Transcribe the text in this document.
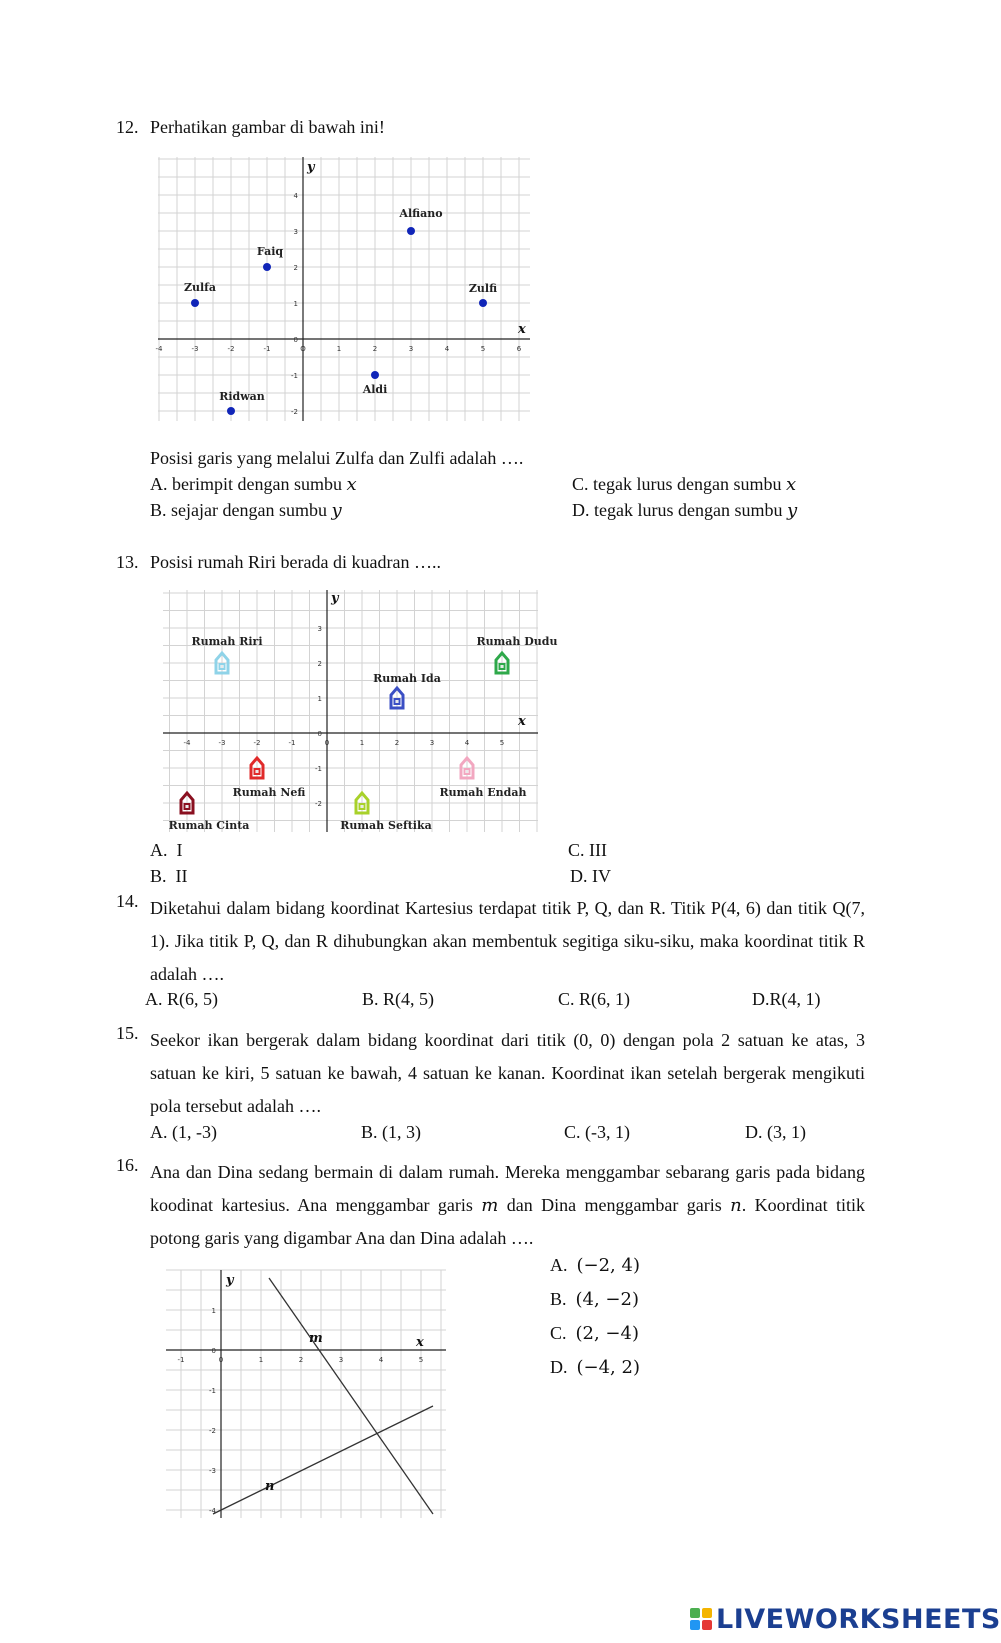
12. Perhatikan gambar di bawah ini!
-4	-3	-2	-1	O	1	2	3	4	5	6
4
3
2
1
0
-1
-2
x
y
Alfiano
Faiq
Zulfa	Zulfi
Aldi
Ridwan
Posisi garis yang melalui Zulfa dan Zulfi adalah ….
A. berimpit dengan sumbu x
B. sejajar dengan sumbu y
C. tegak lurus dengan sumbu x
D. tegak lurus dengan sumbu y
13. Posisi rumah Riri berada di kuadran …..
-4	-3	-2	-1	0	1	2	3	4	5
3
2
1
0
-1
-2
x
y
Rumah Riri	Rumah Dudu
Rumah Ida
Rumah Nefi	Rumah Endah
Rumah Cinta	Rumah Seftika
A. I
B. II
C. III
D. IV
14. Diketahui dalam bidang koordinat Kartesius terdapat titik P, Q, dan R. Titik P(4, 6) dan titik Q(7, 1). Jika titik P, Q, dan R dihubungkan akan membentuk segitiga siku-siku, maka koordinat titik R adalah ….
A. R(6, 5)	B. R(4, 5)	C. R(6, 1)	D.R(4, 1)
15. Seekor ikan bergerak dalam bidang koordinat dari titik (0, 0) dengan pola 2 satuan ke atas, 3 satuan ke kiri, 5 satuan ke bawah, 4 satuan ke kanan. Koordinat ikan setelah bergerak mengikuti pola tersebut adalah ….
A. (1, -3)	B. (1, 3)	C. (-3, 1)	D. (3, 1)
16. Ana dan Dina sedang bermain di dalam rumah. Mereka menggambar sebarang garis pada bidang koodinat kartesius. Ana menggambar garis m dan Dina menggambar garis n. Koordinat titik potong garis yang digambar Ana dan Dina adalah ….
A. (−2, 4)
B. (4, −2)
C. (2, −4)
D. (−4, 2)
-1	0	1	2	3	4	5
1
0
-1
-2
-3
-4
x
y
m
n
LIVEWORKSHEETS
